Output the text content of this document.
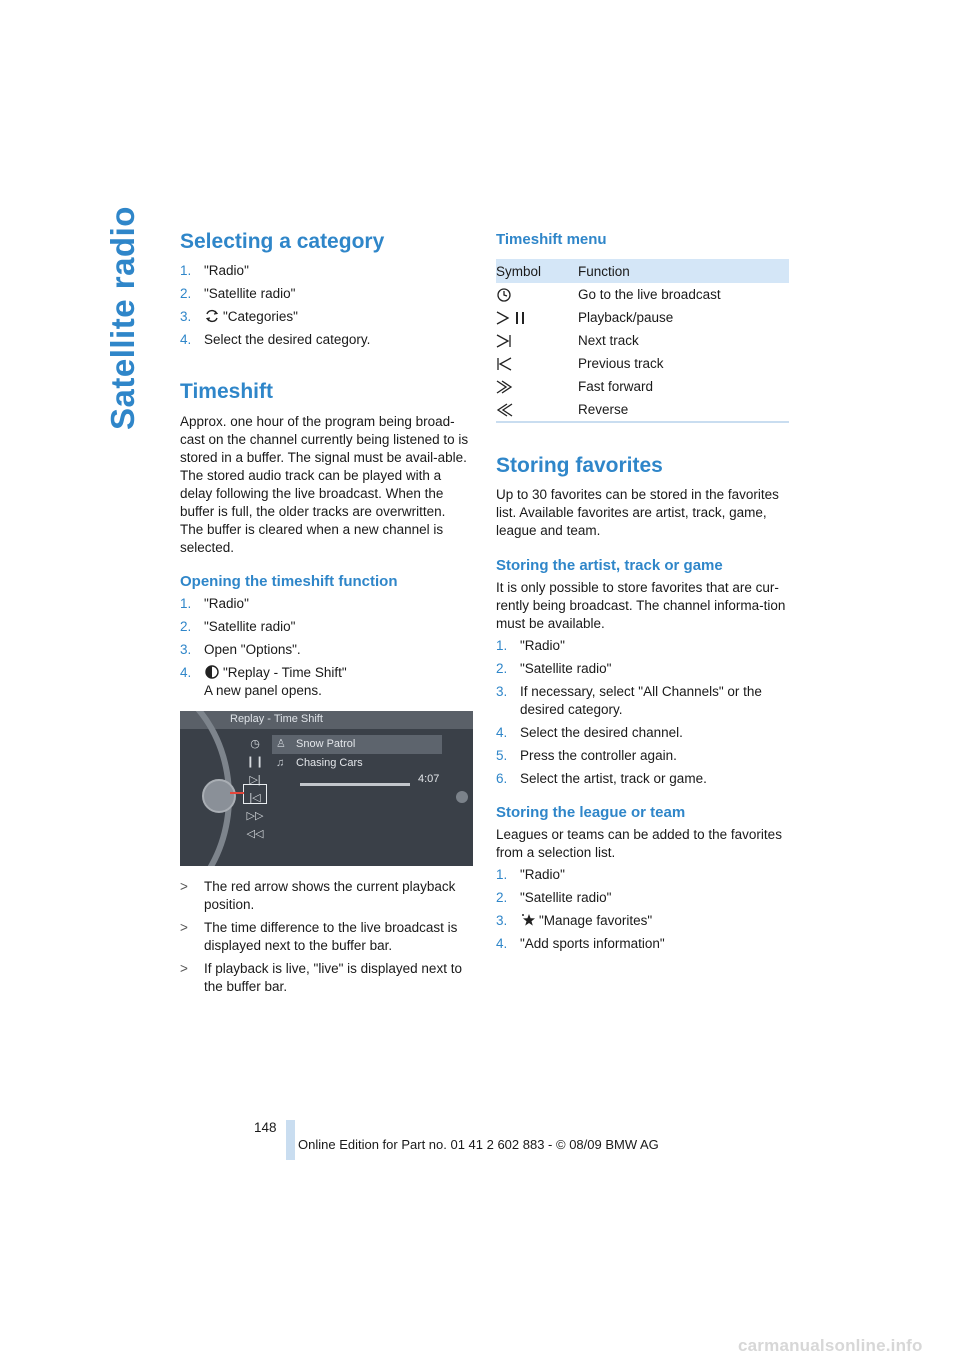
Satellite radio Selecting a category
1. "Radio"
2. "Satellite radio"
3. "Categories"
4. Select the desired category.
Timeshift

Approx. one hour of the program being broad-cast on the channel currently being listened to is stored in a buffer. The signal must be avail-able. The stored audio track can be played with a delay following the live broadcast. When the buffer is full, the older tracks are overwritten. The buffer is cleared when a new channel is selected.

Opening the timeshift function
1. "Radio"
2. "Satellite radio"
3. Open "Options".
4. "Replay - Time Shift"
A new panel opens.
Replay - Time Shift
◷
❙❙
▷|
|◁
▷▷
◁◁
♙ Snow Patrol
♫ Chasing Cars
4:07
> The red arrow shows the current playback position.
> The time difference to the live broadcast is displayed next to the buffer bar.
> If playback is live, "live" is displayed next to the buffer bar.
Timeshift menu
Symbol	Function

	Go to the live broadcast

	Playback/pause

	Next track

	Previous track

	Fast forward

	Reverse
Storing favorites

Up to 30 favorites can be stored in the favorites list. Available favorites are artist, track, game, league and team.

Storing the artist, track or game

It is only possible to store favorites that are cur-rently being broadcast. The channel informa-tion must be available.

1. "Radio"
2. "Satellite radio"
3. If necessary, select "All Channels" or the desired category.
4. Select the desired channel.
5. Press the controller again.
6. Select the artist, track or game.
Storing the league or team

Leagues or teams can be added to the favorites from a selection list.

1. "Radio"
2. "Satellite radio"
3. "Manage favorites"
4. "Add sports information"
148
Online Edition for Part no. 01 41 2 602 883 - © 08/09 BMW AG
carmanualsonline.info
